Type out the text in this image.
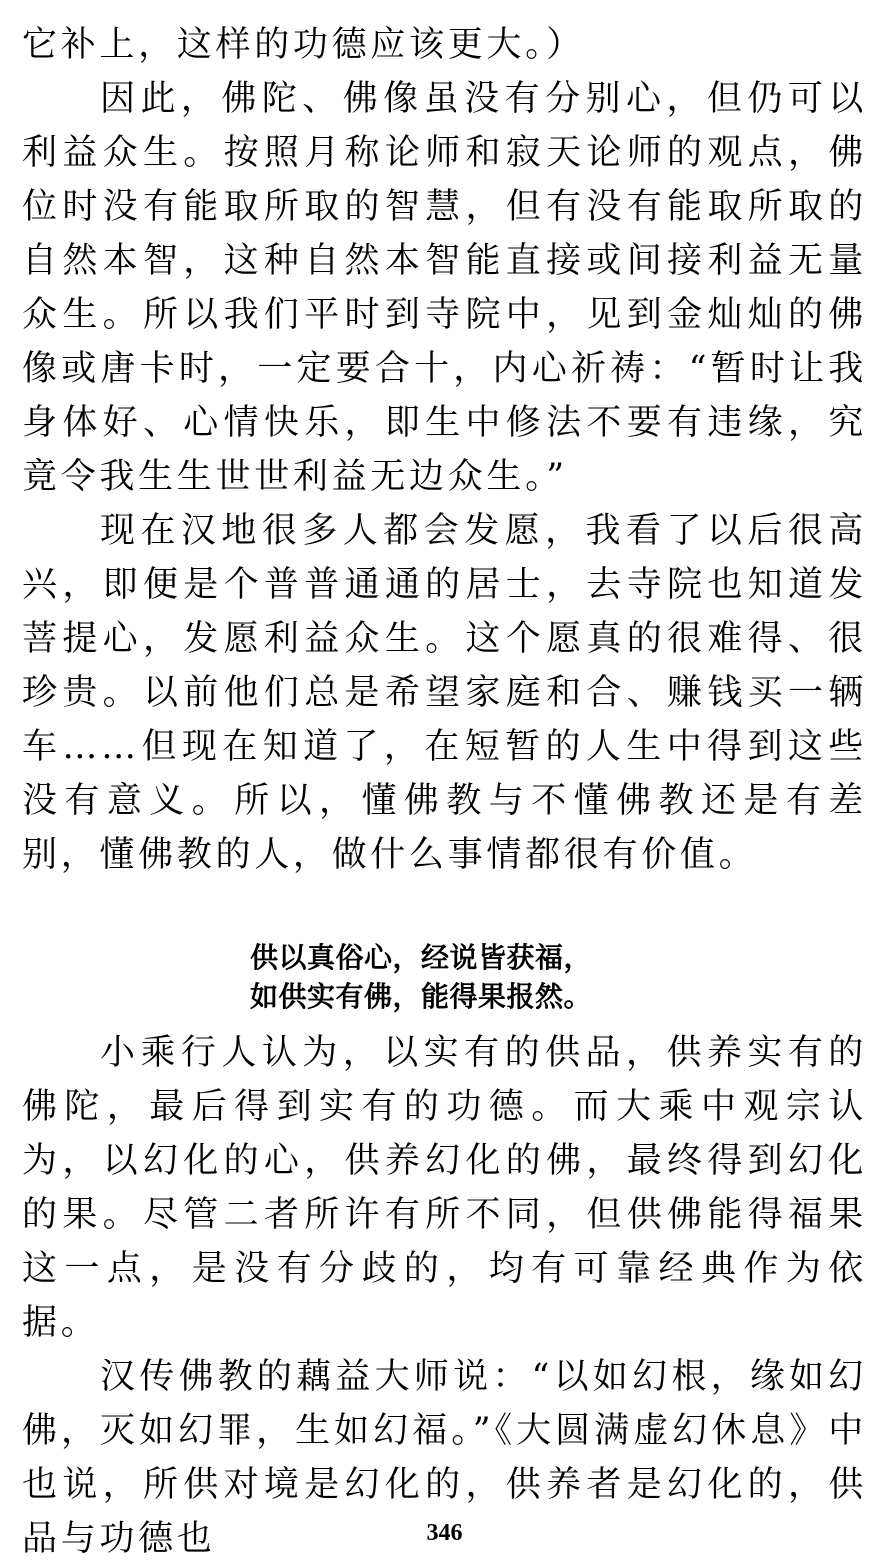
它补上，这样的功德应该更大。）

因此，佛陀、佛像虽没有分别心，但仍可以利益众生。按照月称论师和寂天论师的观点，佛位时没有能取所取的智慧，但有没有能取所取的自然本智，这种自然本智能直接或间接利益无量众生。所以我们平时到寺院中，见到金灿灿的佛像或唐卡时，一定要合十，内心祈祷：“暂时让我身体好、心情快乐，即生中修法不要有违缘，究竟令我生生世世利益无边众生。”

现在汉地很多人都会发愿，我看了以后很高兴，即便是个普普通通的居士，去寺院也知道发菩提心，发愿利益众生。这个愿真的很难得、很珍贵。以前他们总是希望家庭和合、赚钱买一辆车……但现在知道了，在短暂的人生中得到这些没有意义。所以，懂佛教与不懂佛教还是有差别，懂佛教的人，做什么事情都很有价值。

供以真俗心，经说皆获福，
如供实有佛，能得果报然。

小乘行人认为，以实有的供品，供养实有的佛陀，最后得到实有的功德。而大乘中观宗认为，以幻化的心，供养幻化的佛，最终得到幻化的果。尽管二者所许有所不同，但供佛能得福果这一点，是没有分歧的，均有可靠经典作为依据。

汉传佛教的藕益大师说：“以如幻根，缘如幻佛，灭如幻罪，生如幻福。”《大圆满虚幻休息》中也说，所供对境是幻化的，供养者是幻化的，供品与功德也	346
